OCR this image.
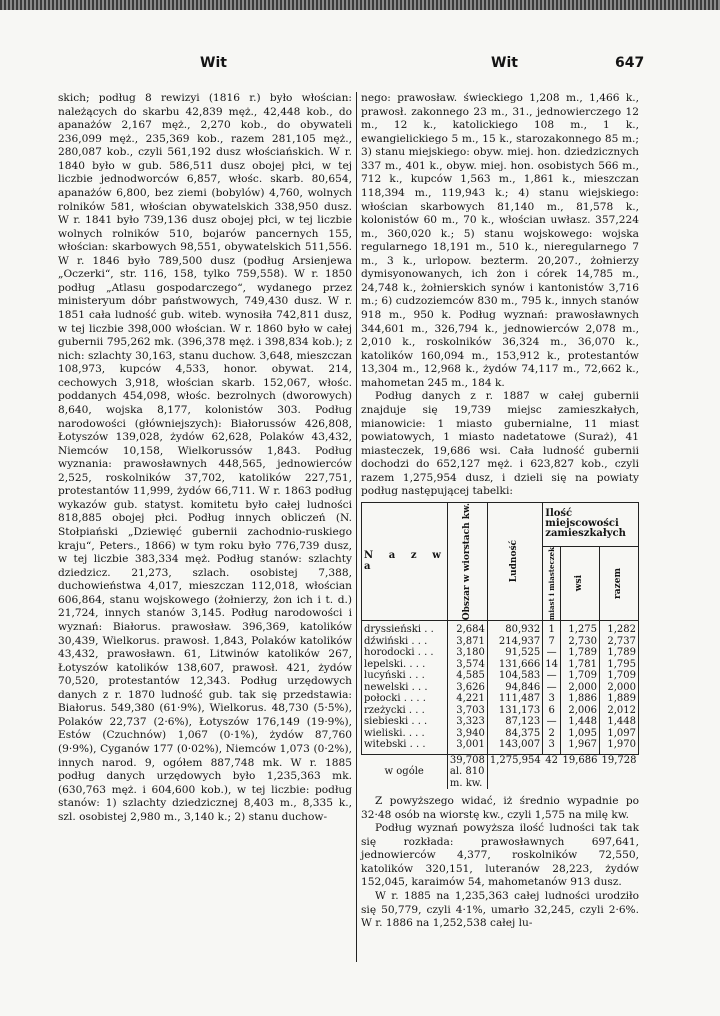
Wit	Wit	647

skich; podług 8 rewizyi (1816 r.) było włościan: należących do skarbu 42,839 męż., 42,448 kob., do apanażów 2,167 męż., 2,270 kob., do obywateli 236,099 męż., 235,369 kob., razem 281,105 męż., 280,087 kob., czyli 561,192 dusz włościańskich. W r. 1840 było w gub. 586,511 dusz obojej płci, w tej liczbie jednodworców 6,857, włośc. skarb. 80,654, apanażów 6,800, bez ziemi (bobylów) 4,760, wolnych rolników 581, włościan obywatelskich 338,950 dusz. W r. 1841 było 739,136 dusz obojej płci, w tej liczbie wolnych rolników 510, bojarów pancernych 155, włościan: skarbowych 98,551, obywatelskich 511,556. W r. 1846 było 789,500 dusz (podług Arsienjewa „Oczerki“, str. 116, 158, tylko 759,558). W r. 1850 podług „Atlasu gospodarczego“, wydanego przez ministeryum dóbr państwowych, 749,430 dusz. W r. 1851 cała ludność gub. witeb. wynosiła 742,811 dusz, w tej liczbie 398,000 włościan. W r. 1860 było w całej gubernii 795,262 mk. (396,378 męż. i 398,834 kob.); z nich: szlachty 30,163, stanu duchow. 3,648, mieszczan 108,973, kupców 4,533, honor. obywat. 214, cechowych 3,918, włościan skarb. 152,067, włośc. poddanych 454,098, włośc. bezrolnych (dworowych) 8,640, wojska 8,177, kolonistów 303. Podług narodowości (główniejszych): Białorussów 426,808, Łotyszów 139,028, żydów 62,628, Polaków 43,432, Niemców 10,158, Wielkorussów 1,843. Podług wyznania: prawosławnych 448,565, jednowierców 2,525, roskolników 37,702, katolików 227,751, protestantów 11,999, żydów 66,711. W r. 1863 podług wykazów gub. statyst. komitetu było całej ludności 818,885 obojej płci. Podług innych obliczeń (N. Stołpiański „Dziewięć gubernii zachodnio-ruskiego kraju“, Peters., 1866) w tym roku było 776,739 dusz, w tej liczbie 383,334 męż. Podług stanów: szlachty dziedzicz. 21,273, szlach. osobistej 7,388, duchowieństwa 4,017, mieszczan 112,018, włościan 606,864, stanu wojskowego (żołnierzy, żon ich i t. d.) 21,724, innych stanów 3,145. Podług narodowości i wyznań: Białorus. prawosław. 396,369, katolików 30,439, Wielkorus. prawosł. 1,843, Polaków katolików 43,432, prawosławn. 61, Litwinów katolików 267, Łotyszów katolików 138,607, prawosł. 421, żydów 70,520, protestantów 12,343. Podług urzędowych danych z r. 1870 ludność gub. tak się przedstawia: Białorus. 549,380 (61·9%), Wielkorus. 48,730 (5·5%), Polaków 22,737 (2·6%), Łotyszów 176,149 (19·9%), Estów (Czuchnów) 1,067 (0·1%), żydów 87,760 (9·9%), Cyganów 177 (0·02%), Niemców 1,073 (0·2%), innych narod. 9, ogółem 887,748 mk. W r. 1885 podług danych urzędowych było 1,235,363 mk. (630,763 męż. i 604,600 kob.), w tej liczbie: podług stanów: 1) szlachty dziedzicznej 8,403 m., 8,335 k., szl. osobistej 2,980 m., 3,140 k.; 2) stanu duchow-

nego: prawosław. świeckiego 1,208 m., 1,466 k., prawosł. zakonnego 23 m., 31., jednowierczego 12 m., 12 k., katolickiego 108 m., 1 k., ewangielickiego 5 m., 15 k., starozakonnego 85 m.; 3) stanu miejskiego: obyw. miej. hon. dziedzicznych 337 m., 401 k., obyw. miej. hon. osobistych 566 m., 712 k., kupców 1,563 m., 1,861 k., mieszczan 118,394 m., 119,943 k.; 4) stanu wiejskiego: włościan skarbowych 81,140 m., 81,578 k., kolonistów 60 m., 70 k., włościan uwłasz. 357,224 m., 360,020 k.; 5) stanu wojskowego: wojska regularnego 18,191 m., 510 k., nieregularnego 7 m., 3 k., urlopow. bezterm. 20,207., żołnierzy dymisyonowanych, ich żon i córek 14,785 m., 24,748 k., żołnierskich synów i kantonistów 3,716 m.; 6) cudzoziemców 830 m., 795 k., innych stanów 918 m., 950 k. Podług wyznań: prawosławnych 344,601 m., 326,794 k., jednowierców 2,078 m., 2,010 k., roskolników 36,324 m., 36,070 k., katolików 160,094 m., 153,912 k., protestantów 13,304 m., 12,968 k., żydów 74,117 m., 72,662 k., mahometan 245 m., 184 k.

Podług danych z r. 1887 w całej gubernii znajduje się 19,739 miejsc zamieszkałych, mianowicie: 1 miasto gubernialne, 11 miast powiatowych, 1 miasto nadetatowe (Suraż), 41 miasteczek, 19,686 wsi. Cała ludność gubernii dochodzi do 652,127 męż. i 623,827 kob., czyli razem 1,275,954 dusz, i dzieli się na powiaty podług następującej tabelki:

N a z w a	Obszar w wiorstach kw.	Ludność	Ilość miejscowości zamieszkałych		

			miast i miasteczek	wsi	razem

dryssieński . .	2,684	80,932	1	1,275	1,282
dźwiński . . .	3,871	214,937	7	2,730	2,737
horodocki . . .	3,180	91,525	—	1,789	1,789
lepelski. . . .	3,574	131,666	14	1,781	1,795
lucyński . . .	4,585	104,583	—	1,709	1,709
newelski . . .	3,626	94,846	—	2,000	2,000
połocki . . . .	4,221	111,487	3	1,886	1,889
rzeżycki . . .	3,703	131,173	6	2,006	2,012
siebieski . . .	3,323	87,123	—	1,448	1,448
wieliski. . . .	3,940	84,375	2	1,095	1,097
witebski . . .	3,001	143,007	3	1,967	1,970
w ogóle	39,708
al. 810
m. kw.	1,275,954	42	19,686	19,728

Z powyższego widać, iż średnio wypadnie po 32·48 osób na wiorstę kw., czyli 1,575 na milę kw.

Podług wyznań powyższa ilość ludności tak tak się rozkłada: prawosławnych 697,641, jednowierców 4,377, roskolników 72,550, katolików 320,151, luteranów 28,223, żydów 152,045, karaimów 54, mahometanów 913 dusz.

W r. 1885 na 1,235,363 całej ludności urodziło się 50,779, czyli 4·1%, umarło 32,245, czyli 2·6%. W r. 1886 na 1,252,538 całej lu-
